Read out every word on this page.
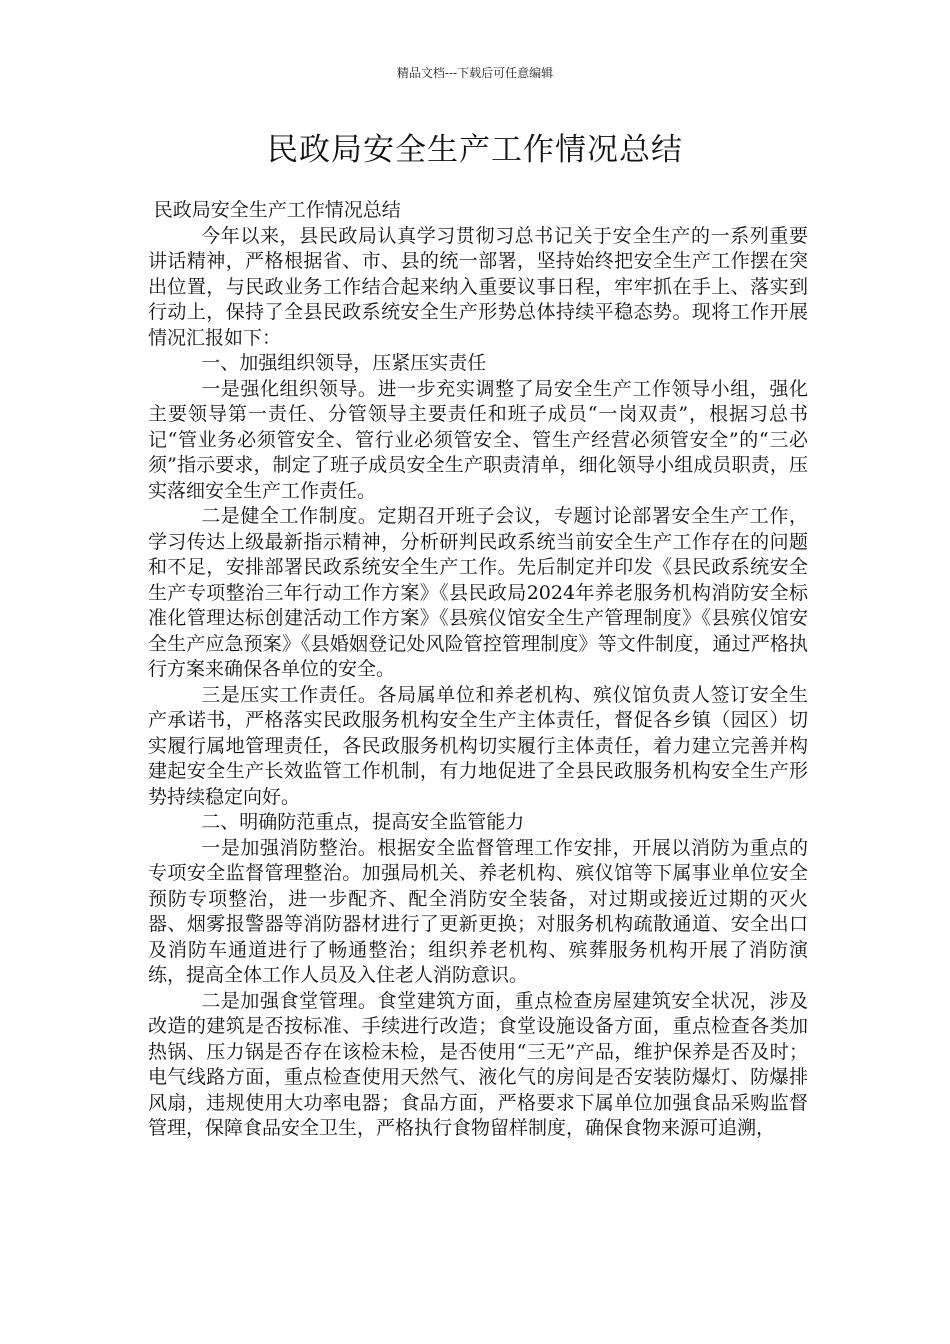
精品文档---下载后可任意编辑
民政局安全生产工作情况总结

民政局安全生产工作情况总结

今年以来，县民政局认真学习贯彻习总书记关于安全生产的一系列重要讲话精神，严格根据省、市、县的统一部署，坚持始终把安全生产工作摆在突出位置，与民政业务工作结合起来纳入重要议事日程，牢牢抓在手上、落实到行动上，保持了全县民政系统安全生产形势总体持续平稳态势。现将工作开展情况汇报如下：

一、加强组织领导，压紧压实责任

一是强化组织领导。进一步充实调整了局安全生产工作领导小组，强化主要领导第一责任、分管领导主要责任和班子成员“一岗双责”，根据习总书记“管业务必须管安全、管行业必须管安全、管生产经营必须管安全”的“三必须”指示要求，制定了班子成员安全生产职责清单，细化领导小组成员职责，压实落细安全生产工作责任。

二是健全工作制度。定期召开班子会议，专题讨论部署安全生产工作，学习传达上级最新指示精神，分析研判民政系统当前安全生产工作存在的问题和不足，安排部署民政系统安全生产工作。先后制定并印发《县民政系统安全生产专项整治三年行动工作方案》《县民政局2024年养老服务机构消防安全标准化管理达标创建活动工作方案》《县殡仪馆安全生产管理制度》《县殡仪馆安全生产应急预案》《县婚姻登记处风险管控管理制度》等文件制度，通过严格执行方案来确保各单位的安全。

三是压实工作责任。各局属单位和养老机构、殡仪馆负责人签订安全生产承诺书，严格落实民政服务机构安全生产主体责任，督促各乡镇（园区）切实履行属地管理责任，各民政服务机构切实履行主体责任，着力建立完善并构建起安全生产长效监管工作机制，有力地促进了全县民政服务机构安全生产形势持续稳定向好。

二、明确防范重点，提高安全监管能力

一是加强消防整治。根据安全监督管理工作安排，开展以消防为重点的专项安全监督管理整治。加强局机关、养老机构、殡仪馆等下属事业单位安全预防专项整治，进一步配齐、配全消防安全装备，对过期或接近过期的灭火器、烟雾报警器等消防器材进行了更新更换；对服务机构疏散通道、安全出口及消防车通道进行了畅通整治；组织养老机构、殡葬服务机构开展了消防演练，提高全体工作人员及入住老人消防意识。

二是加强食堂管理。食堂建筑方面，重点检查房屋建筑安全状况，涉及改造的建筑是否按标准、手续进行改造；食堂设施设备方面，重点检查各类加热锅、压力锅是否存在该检未检，是否使用“三无”产品，维护保养是否及时；电气线路方面，重点检查使用天然气、液化气的房间是否安装防爆灯、防爆排风扇，违规使用大功率电器；食品方面，严格要求下属单位加强食品采购监督管理，保障食品安全卫生，严格执行食物留样制度，确保食物来源可追溯，
